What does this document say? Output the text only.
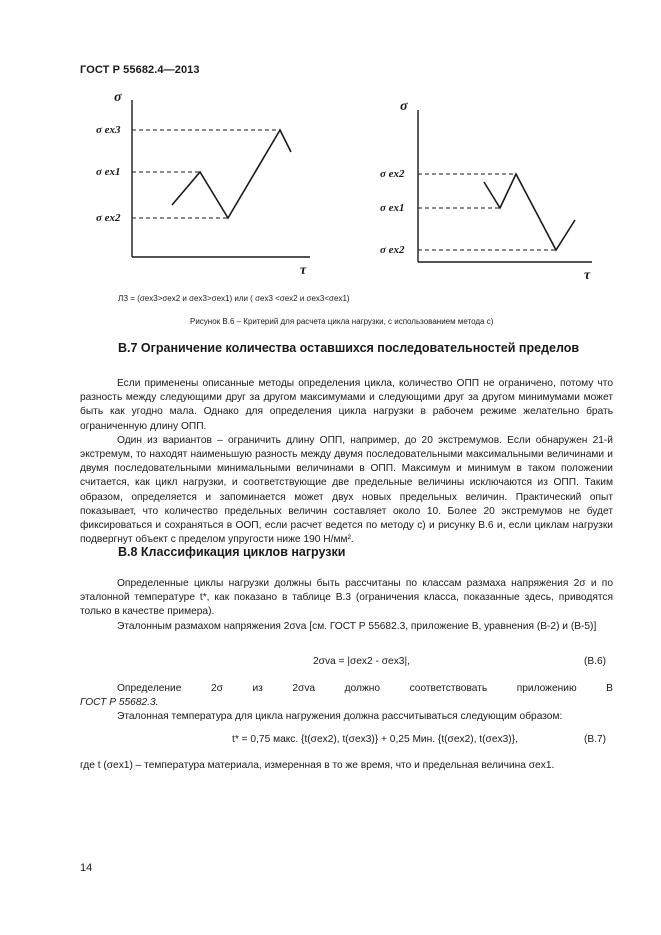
ГОСТ Р 55682.4—2013
σ
τ
σ ex3
σ ex1
σ ex2
σ
τ
σ ex2
σ ex1
σ ex2
ЛЗ = (σex3>σex2 и σex3>σex1) или ( σex3 <σex2 и σex3<σex1)
Рисунок В.6 – Критерий для расчета цикла нагрузки, с использованием метода с)
В.7 Ограничение количества оставшихся последовательностей пределов

Если применены описанные методы определения цикла, количество ОПП не ограничено, потому что разность между следующими друг за другом максимумами и следующими друг за другом минимумами может быть как угодно мала. Однако для определения цикла нагрузки в рабочем режиме желательно брать ограниченную длину ОПП.

Один из вариантов – ограничить длину ОПП, например, до 20 экстремумов. Если обнаружен 21-й экстремум, то находят наименьшую разность между двумя последовательными максимальными величинами и двумя последовательными минимальными величинами в ОПП. Максимум и минимум в таком положении считается, как цикл нагрузки, и соответствующие две предельные величины исключаются из ОПП. Таким образом, определяется и запоминается может двух новых предельных величин. Практический опыт показывает, что количество предельных величин составляет около 10. Более 20 экстремумов не будет фиксироваться и сохраняться в ООП, если расчет ведется по методу с) и рисунку В.6 и, если циклам нагрузки подвергнут объект с пределом упругости ниже 190 Н/мм².

В.8 Классификация циклов нагрузки

Определенные циклы нагрузки должны быть рассчитаны по классам размаха напряжения 2σ и по эталонной температуре t*, как показано в таблице В.3 (ограничения класса, показанные здесь, приводятся только в качестве примера).

Эталонным размахом напряжения 2σva [см. ГОСТ Р 55682.3, приложение В, уравнения (В-2) и (В-5)]

2σva = |σex2 - σex3|,	(В.6)
Определение	2σ	из	2σva	должно	соответствовать	приложению	В
ГОСТ Р 55682.3.
Эталонная температура для цикла нагружения должна рассчитываться следующим образом:
t* = 0,75 макс. {t(σex2), t(σex3)} + 0,25 Мин. {t(σex2), t(σex3)},	(В.7)
где t (σex1) – температура материала, измеренная в то же время, что и предельная величина σex1.
14
